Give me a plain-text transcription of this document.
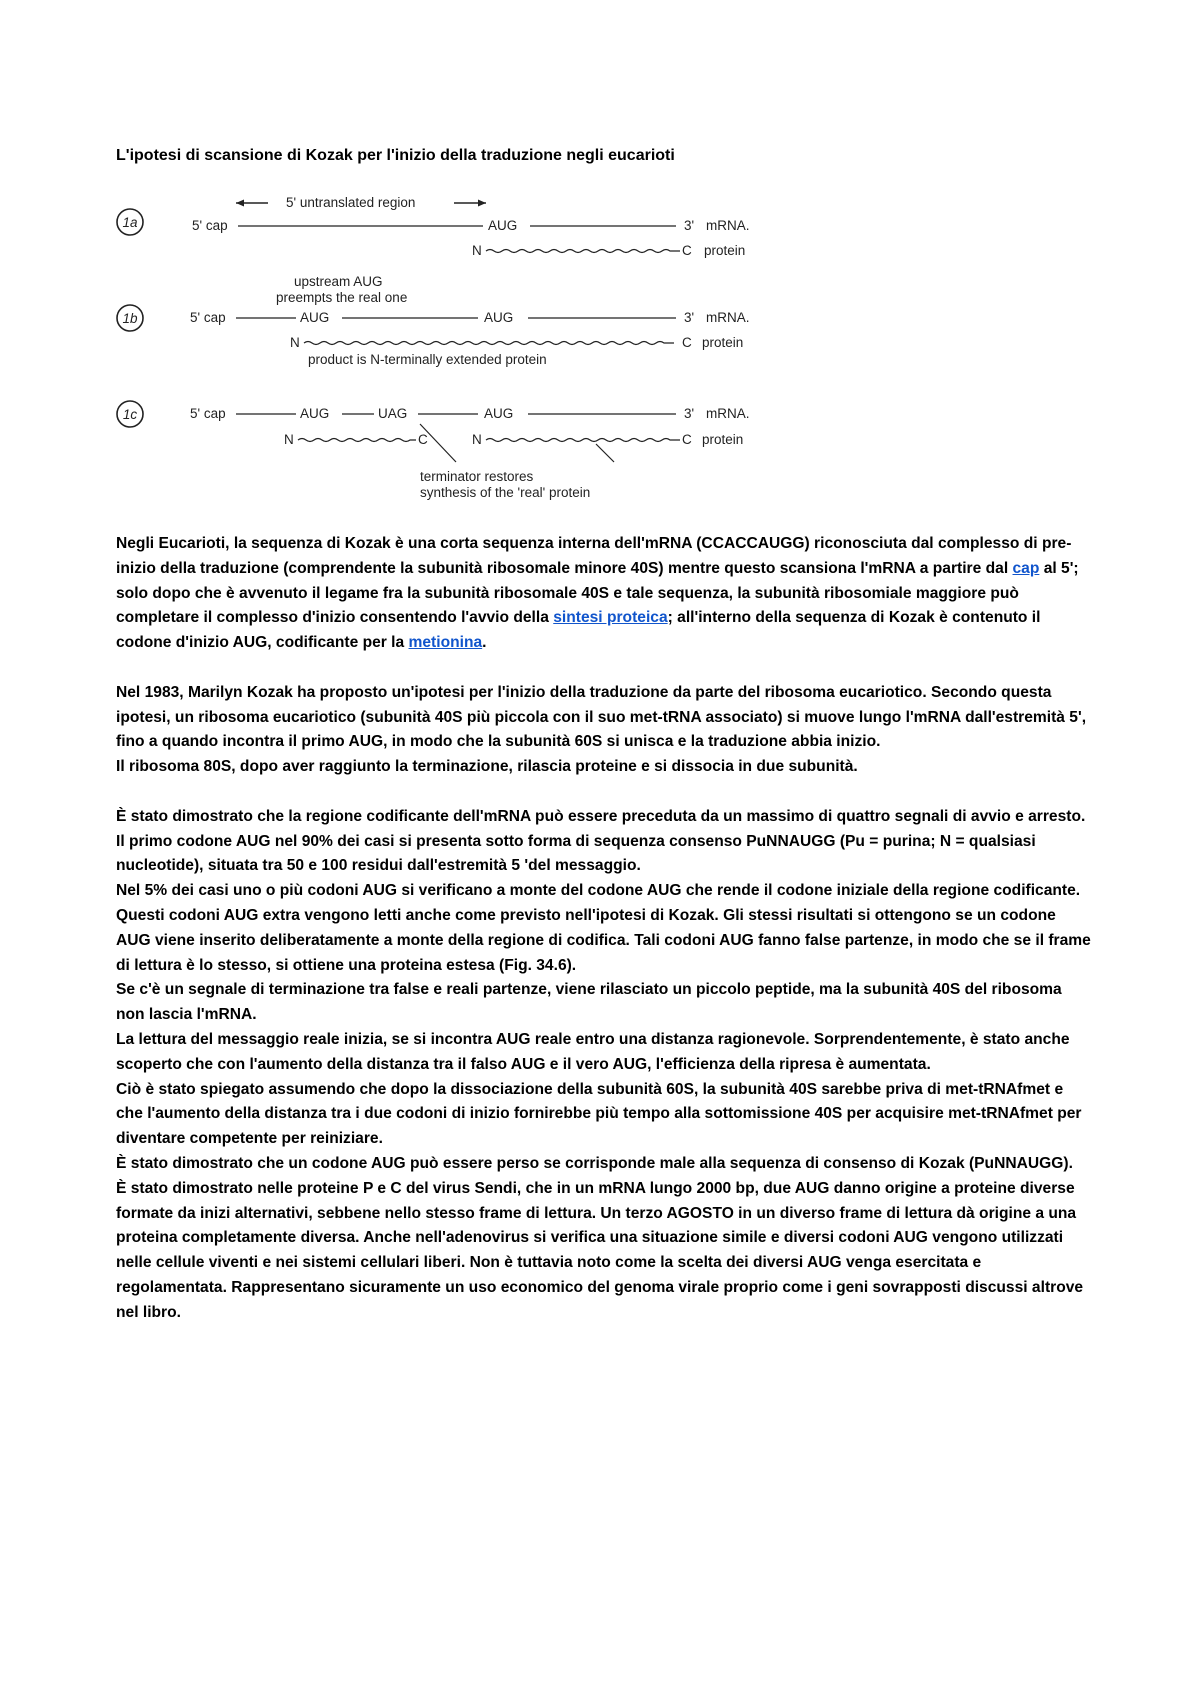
L'ipotesi di scansione di Kozak per l'inizio della traduzione negli eucarioti
1a
5' untranslated region
5' cap	AUG	3' mRNA.
N	C protein
upstream AUG
preempts the real one
1b	5' cap	AUG	AUG	3' mRNA.
N	C protein
product is N-terminally extended protein
1c	5' cap	AUG	UAG	AUG	3' mRNA.
N	C	N	C protein
terminator restores
synthesis of the 'real' protein

Negli Eucarioti, la sequenza di Kozak è una corta sequenza interna dell'mRNA (CCACCAUGG) riconosciuta dal complesso di pre-inizio della traduzione (comprendente la subunità ribosomale minore 40S) mentre questo scansiona l'mRNA a partire dal cap al 5'; solo dopo che è avvenuto il legame fra la subunità ribosomale 40S e tale sequenza, la subunità ribosomiale maggiore può completare il complesso d'inizio consentendo l'avvio della sintesi proteica; all'interno della sequenza di Kozak è contenuto il codone d'inizio AUG, codificante per la metionina.

Nel 1983, Marilyn Kozak ha proposto un'ipotesi per l'inizio della traduzione da parte del ribosoma eucariotico. Secondo questa ipotesi, un ribosoma eucariotico (subunità 40S più piccola con il suo met-tRNA associato) si muove lungo l'mRNA dall'estremità 5', fino a quando incontra il primo AUG, in modo che la subunità 60S si unisca e la traduzione abbia inizio.

Il ribosoma 80S, dopo aver raggiunto la terminazione, rilascia proteine e si dissocia in due subunità.

È stato dimostrato che la regione codificante dell'mRNA può essere preceduta da un massimo di quattro segnali di avvio e arresto. Il primo codone AUG nel 90% dei casi si presenta sotto forma di sequenza consenso PuNNAUGG (Pu = purina; N = qualsiasi nucleotide), situata tra 50 e 100 residui dall'estremità 5 'del messaggio.

Nel 5% dei casi uno o più codoni AUG si verificano a monte del codone AUG che rende il codone iniziale della regione codificante.

Questi codoni AUG extra vengono letti anche come previsto nell'ipotesi di Kozak. Gli stessi risultati si ottengono se un codone AUG viene inserito deliberatamente a monte della regione di codifica. Tali codoni AUG fanno false partenze, in modo che se il frame di lettura è lo stesso, si ottiene una proteina estesa (Fig. 34.6).

Se c'è un segnale di terminazione tra false e reali partenze, viene rilasciato un piccolo peptide, ma la subunità 40S del ribosoma non lascia l'mRNA.

La lettura del messaggio reale inizia, se si incontra AUG reale entro una distanza ragionevole. Sorprendentemente, è stato anche scoperto che con l'aumento della distanza tra il falso AUG e il vero AUG, l'efficienza della ripresa è aumentata.

Ciò è stato spiegato assumendo che dopo la dissociazione della subunità 60S, la subunità 40S sarebbe priva di met-tRNAfmet e che l'aumento della distanza tra i due codoni di inizio fornirebbe più tempo alla sottomissione 40S per acquisire met-tRNAfmet per diventare competente per reiniziare.

È stato dimostrato che un codone AUG può essere perso se corrisponde male alla sequenza di consenso di Kozak (PuNNAUGG).

È stato dimostrato nelle proteine P e C del virus Sendi, che in un mRNA lungo 2000 bp, due AUG danno origine a proteine diverse formate da inizi alternativi, sebbene nello stesso frame di lettura. Un terzo AGOSTO in un diverso frame di lettura dà origine a una proteina completamente diversa. Anche nell'adenovirus si verifica una situazione simile e diversi codoni AUG vengono utilizzati nelle cellule viventi e nei sistemi cellulari liberi. Non è tuttavia noto come la scelta dei diversi AUG venga esercitata e regolamentata. Rappresentano sicuramente un uso economico del genoma virale proprio come i geni sovrapposti discussi altrove nel libro.
